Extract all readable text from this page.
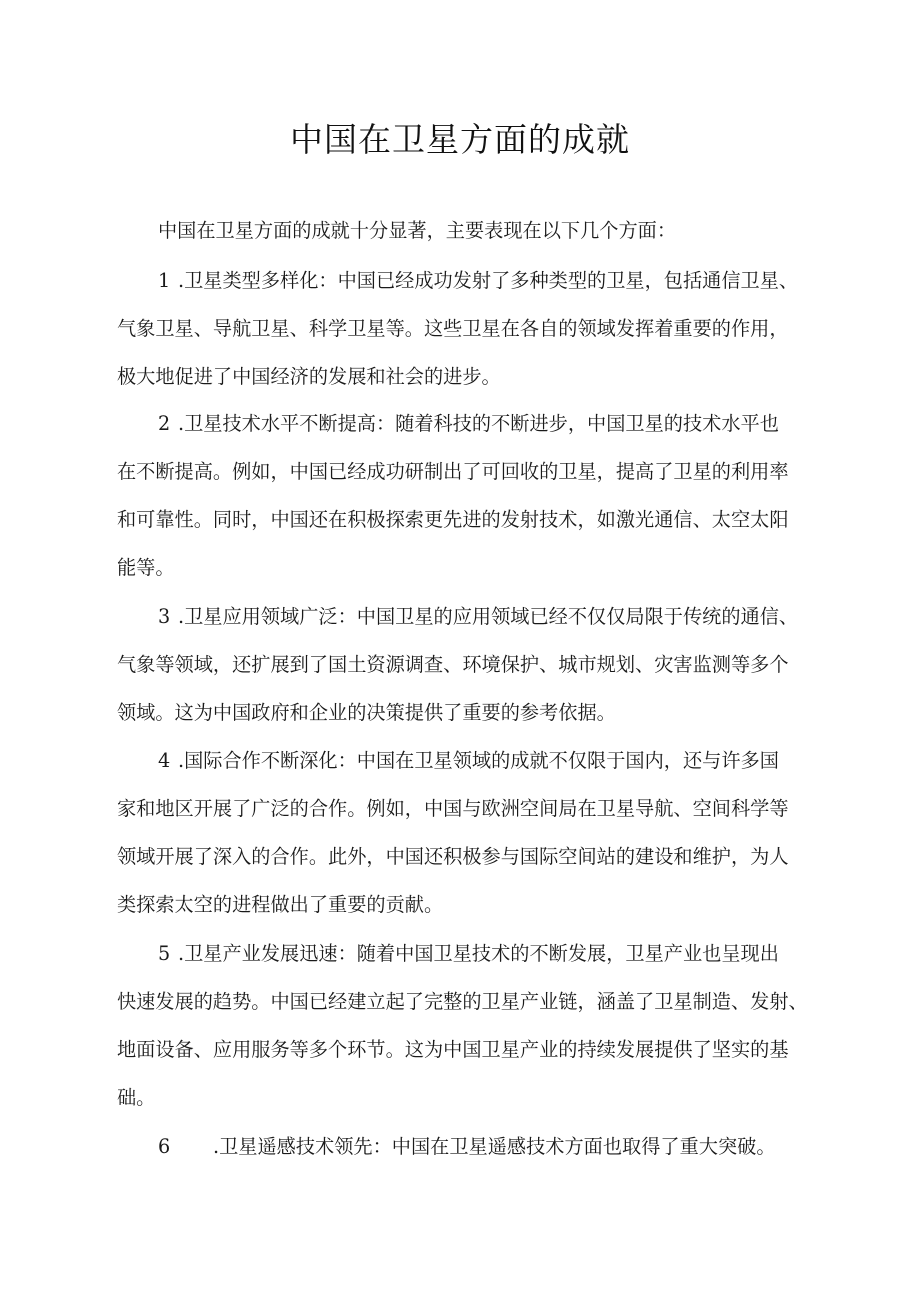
中国在卫星方面的成就
中国在卫星方面的成就十分显著，主要表现在以下几个方面：
1 .卫星类型多样化：中国已经成功发射了多种类型的卫星，包括通信卫星、
气象卫星、导航卫星、科学卫星等。这些卫星在各自的领域发挥着重要的作用，
极大地促进了中国经济的发展和社会的进步。
2 .卫星技术水平不断提高：随着科技的不断进步，中国卫星的技术水平也
在不断提高。例如，中国已经成功研制出了可回收的卫星，提高了卫星的利用率
和可靠性。同时，中国还在积极探索更先进的发射技术，如激光通信、太空太阳
能等。
3 .卫星应用领域广泛：中国卫星的应用领域已经不仅仅局限于传统的通信、
气象等领域，还扩展到了国土资源调查、环境保护、城市规划、灾害监测等多个
领域。这为中国政府和企业的决策提供了重要的参考依据。
4 .国际合作不断深化：中国在卫星领域的成就不仅限于国内，还与许多国
家和地区开展了广泛的合作。例如，中国与欧洲空间局在卫星导航、空间科学等
领域开展了深入的合作。此外，中国还积极参与国际空间站的建设和维护，为人
类探索太空的进程做出了重要的贡献。
5 .卫星产业发展迅速：随着中国卫星技术的不断发展，卫星产业也呈现出
快速发展的趋势。中国已经建立起了完整的卫星产业链，涵盖了卫星制造、发射、
地面设备、应用服务等多个环节。这为中国卫星产业的持续发展提供了坚实的基
础。
6 .卫星遥感技术领先：中国在卫星遥感技术方面也取得了重大突破。
